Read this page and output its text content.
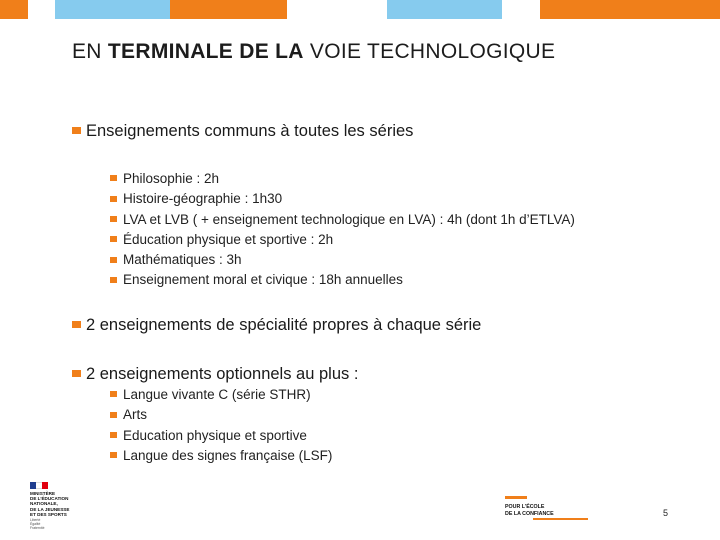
EN TERMINALE DE LA VOIE TECHNOLOGIQUE
Enseignements communs à toutes les séries
Philosophie : 2h
Histoire-géographie : 1h30
LVA et LVB ( + enseignement technologique en LVA) : 4h (dont 1h d’ETLVA)
Éducation physique et sportive : 2h
Mathématiques : 3h
Enseignement moral et civique : 18h annuelles
2 enseignements de spécialité propres à chaque série
2 enseignements optionnels au plus :
Langue vivante C (série STHR)
Arts
Education physique et sportive
Langue des signes française (LSF)
MINISTÈRE
DE L’ÉDUCATION
NATIONALE,
DE LA JEUNESSE
ET DES SPORTS
Liberté
Égalité
Fraternité
POUR L’ÉCOLE
DE LA CONFIANCE	5
